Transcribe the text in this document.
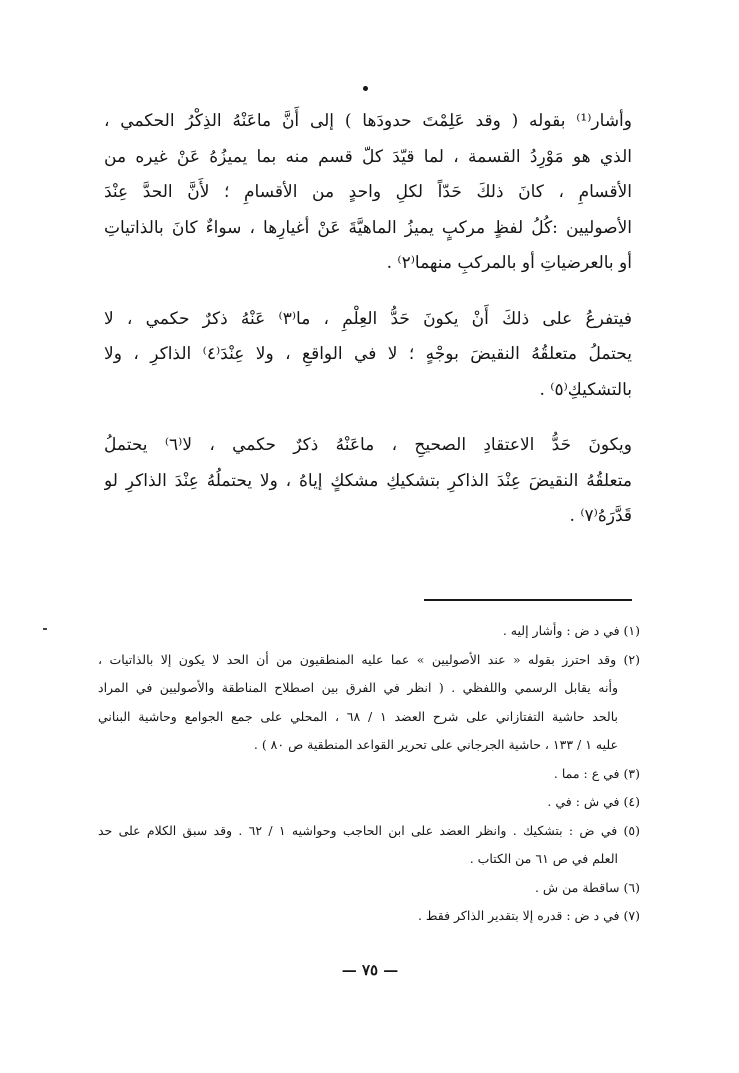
وأشار⁽¹⁾ بقوله ( وقد عَلِمْتَ حدودَها ) إلى أَنَّ ماعَنْهُ الذِكْرُ الحكمي ،
الذي هو مَوْرِدُ القسمة ، لما قيّدَ كلّ قسم منه بما يميزُهُ عَنْ غيره من
الأقسامِ ، كانَ ذلكَ حَدّاً لكلِ واحدٍ من الأقسامِ ؛ لأَنَّ الحدَّ عِنْدَ
الأصوليين :كُلُ لفظٍ مركبٍ يميزُ الماهيَّةَ عَنْ أغيارِها ، سواءٌ كانَ بالذاتياتِ
أو بالعرضياتِ أو بالمركبِ منهما⁽٢⁾ .
فيتفرعُ على ذلكَ أَنْ يكونَ حَدُّ العِلْمِ ، ما⁽٣⁾ عَنْهُ ذكرٌ حكمي ، لا
يحتملُ متعلقُهُ النقيضَ بوجْهٍ ؛ لا في الواقعِ ، ولا عِنْدَ⁽٤⁾ الذاكرِ ، ولا
بالتشكيكِ⁽٥⁾ .
ويكونَ حَدُّ الاعتقادِ الصحيحِ ، ماعَنْهُ ذكرٌ حكمي ، لا⁽٦⁾ يحتملُ
متعلقُهُ النقيضَ عِنْدَ الذاكرِ بتشكيكِ مشككٍ إياهُ ، ولا يحتملُهُ عِنْدَ الذاكرِ لو
قَدَّرَهُ⁽٧⁾ .
(١) في د ض : وأشار إليه .
(٢) وقد احترز بقوله « عند الأصوليين » عما عليه المنطقيون من أن الحد لا يكون إلا بالذاتيات ،
وأنه يقابل الرسمي واللفظي . ( انظر في الفرق بين اصطلاح المناطقة والأصوليين في المراد
بالحد حاشية التفتازاني على شرح العضد ١ / ٦٨ ، المحلي على جمع الجوامع وحاشية البناني
عليه ١ / ١٣٣ ، حاشية الجرجاني على تحرير القواعد المنطقية ص ٨٠ ) .
(٣) في ع : مما .
(٤) في ش : في .
(٥) في ض : بتشكيك . وانظر العضد على ابن الحاجب وحواشيه ١ / ٦٢ . وقد سبق الكلام على حد
العلم في ص ٦١ من الكتاب .
(٦) ساقطة من ش .
(٧) في د ض : قدره إلا بتقدير الذاكر فقط .
— ٧٥ —
